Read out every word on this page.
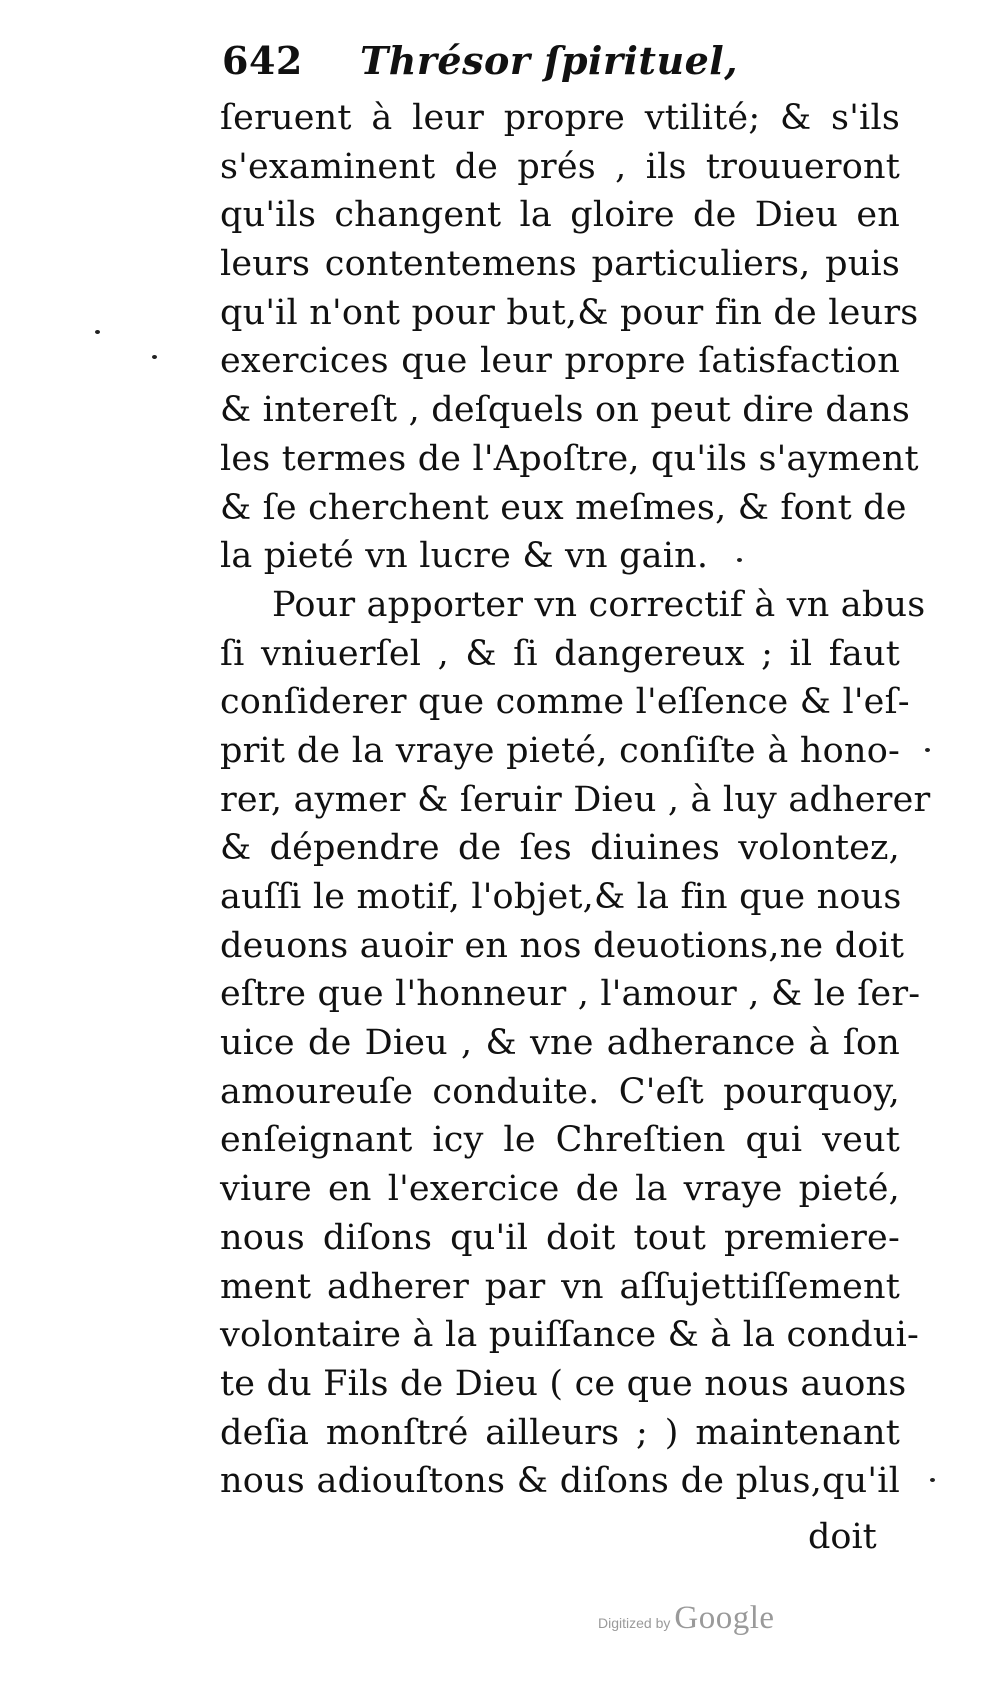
642 Thrésor ſpirituel,
ſeruent à leur propre vtilité; & s'ils
s'examinent de prés , ils trouueront
qu'ils changent la gloire de Dieu en
leurs contentemens particuliers, puis
qu'il n'ont pour but,& pour fin de leurs
exercices que leur propre ſatisfaction
& intereſt , deſquels on peut dire dans
les termes de l'Apoſtre, qu'ils s'ayment
& ſe cherchent eux meſmes, & font de
la pieté vn lucre & vn gain.
Pour apporter vn correctif à vn abus
ſi vniuerſel , & ſi dangereux ; il faut
conſiderer que comme l'eſſence & l'eſ-
prit de la vraye pieté, conſiſte à hono-
rer, aymer & ſeruir Dieu , à luy adherer
& dépendre de ſes diuines volontez,
auſſi le motif, l'objet,& la fin que nous
deuons auoir en nos deuotions,ne doit
eſtre que l'honneur , l'amour , & le ſer-
uice de Dieu , & vne adherance à ſon
amoureuſe conduite. C'eſt pourquoy,
enſeignant icy le Chreſtien qui veut
viure en l'exercice de la vraye pieté,
nous diſons qu'il doit tout premiere-
ment adherer par vn aſſujettiſſement
volontaire à la puiſſance & à la condui-
te du Fils de Dieu ( ce que nous auons
deſia monſtré ailleurs ; ) maintenant
nous adiouſtons & diſons de plus,qu'il
doit
Digitized by Google
